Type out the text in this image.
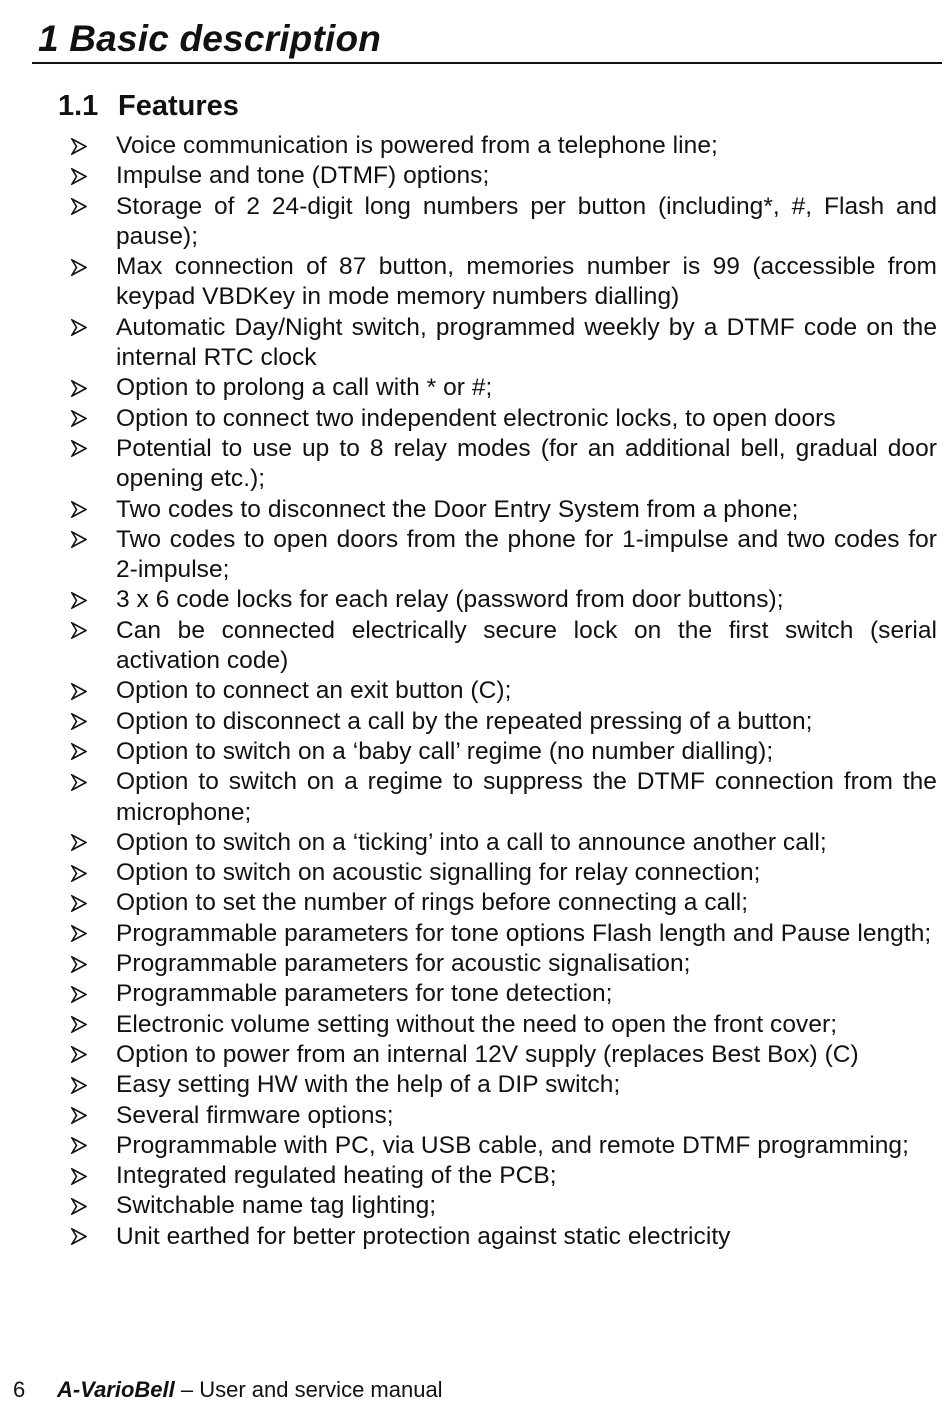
1 Basic description
1.1 Features
Voice communication is powered from a telephone line;
Impulse and tone (DTMF) options;
Storage of 2 24-digit long numbers per button (including*, #, Flash and pause);
Max connection of 87 button, memories number is 99 (accessible from keypad VBDKey in mode memory numbers dialling)
Automatic Day/Night switch, programmed weekly by a DTMF code on the internal RTC clock
Option to prolong a call with * or #;
Option to connect two independent electronic locks, to open doors
Potential to use up to 8 relay modes (for an additional bell, gradual door opening etc.);
Two codes to disconnect the Door Entry System from a phone;
Two codes to open doors from the phone for 1-impulse and two codes for 2-impulse;
3 x 6 code locks for each relay (password from door buttons);
Can be connected electrically secure lock on the first switch (serial activation code)
Option to connect an exit button (C);
Option to disconnect a call by the repeated pressing of a button;
Option to switch on a ‘baby call’ regime (no number dialling);
Option to switch on a regime to suppress the DTMF connection from the microphone;
Option to switch on a ‘ticking’ into a call to announce another call;
Option to switch on acoustic signalling for relay connection;
Option to set the number of rings before connecting a call;
Programmable parameters for tone options Flash length and Pause length;
Programmable parameters for acoustic signalisation;
Programmable parameters for tone detection;
Electronic volume setting without the need to open the front cover;
Option to power from an internal 12V supply (replaces Best Box) (C)
Easy setting HW with the help of a DIP switch;
Several firmware options;
Programmable with PC, via USB cable, and remote DTMF programming;
Integrated regulated heating of the PCB;
Switchable name tag lighting;
Unit earthed for better protection against static electricity
6 A-VarioBell – User and service manual
